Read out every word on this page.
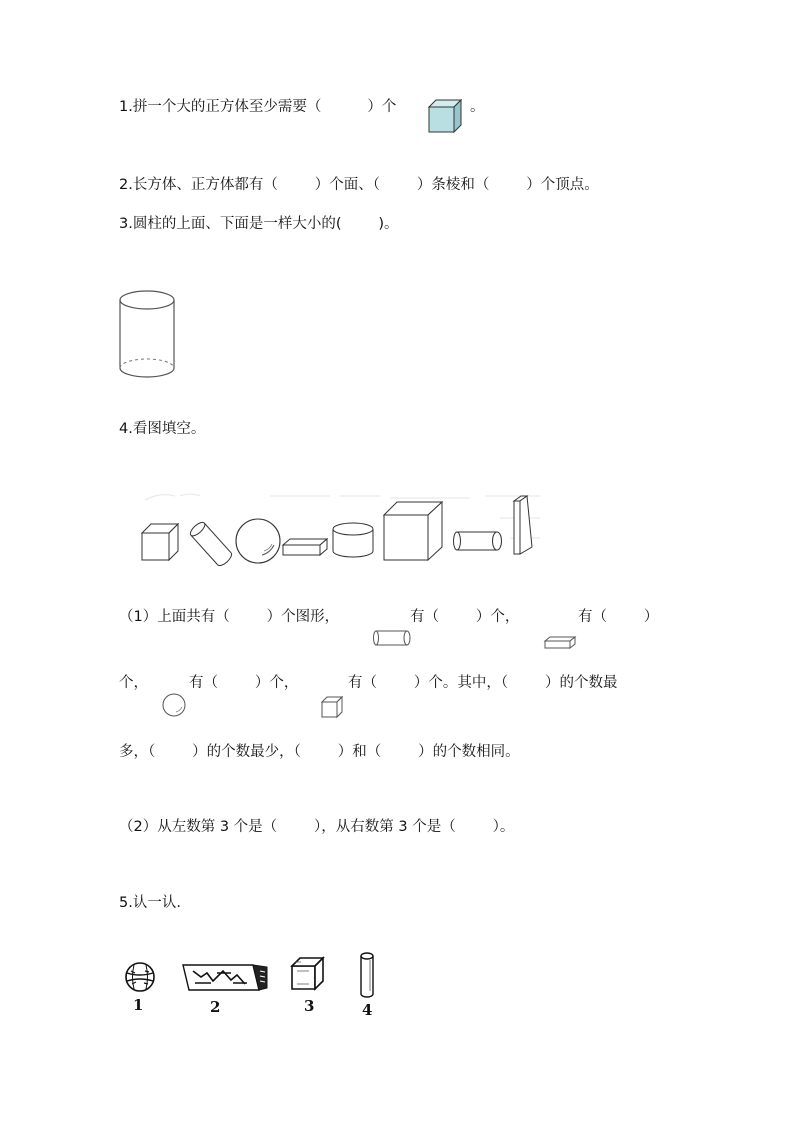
1.拼一个大的正方体至少需要（          ）个	。
2.长方体、正方体都有（        ）个面、（        ）条棱和（        ）个顶点。
3.圆柱的上面、下面是一样大小的(        )。
4.看图填空。
（1）上面共有（        ）个图形，	有（        ）个，	有（        ）
个，	有（        ）个，	有（        ）个。其中，（        ）的个数最
多，（        ）的个数最少，（        ）和（        ）的个数相同。
（2）从左数第 3 个是（        ），从右数第 3 个是（        ）。
5.认一认.
1	2	3	4
